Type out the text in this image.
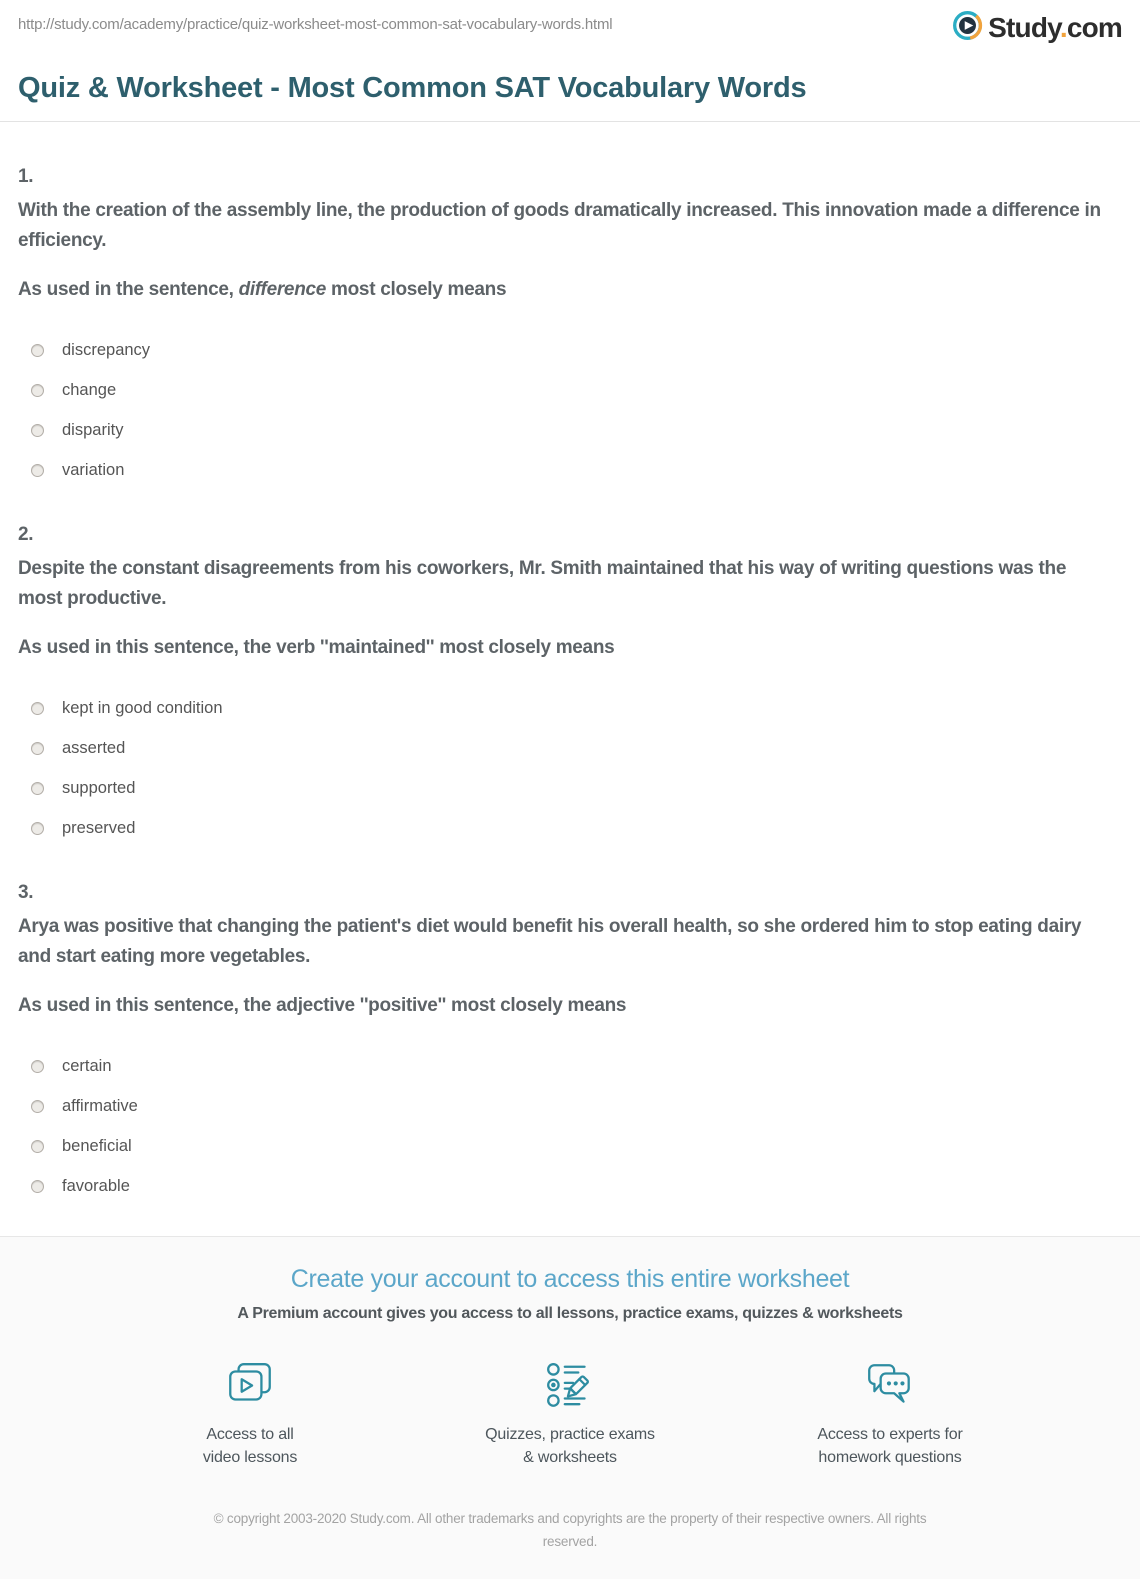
http://study.com/academy/practice/quiz-worksheet-most-common-sat-vocabulary-words.html	Study.com
Quiz & Worksheet - Most Common SAT Vocabulary Words

1.

With the creation of the assembly line, the production of goods dramatically increased. This innovation made a difference in efficiency.

As used in the sentence, difference most closely means

discrepancy
change
disparity
variation

2.

Despite the constant disagreements from his coworkers, Mr. Smith maintained that his way of writing questions was the most productive.

As used in this sentence, the verb ''maintained'' most closely means

kept in good condition
asserted
supported
preserved

3.

Arya was positive that changing the patient's diet would benefit his overall health, so she ordered him to stop eating dairy and start eating more vegetables.

As used in this sentence, the adjective ''positive'' most closely means

certain
affirmative
beneficial
favorable
Create your account to access this entire worksheet

A Premium account gives you access to all lessons, practice exams, quizzes & worksheets

Access to all
video lessons
Quizzes, practice exams
& worksheets
Access to experts for
homework questions

© copyright 2003-2020 Study.com. All other trademarks and copyrights are the property of their respective owners. All rights reserved.
